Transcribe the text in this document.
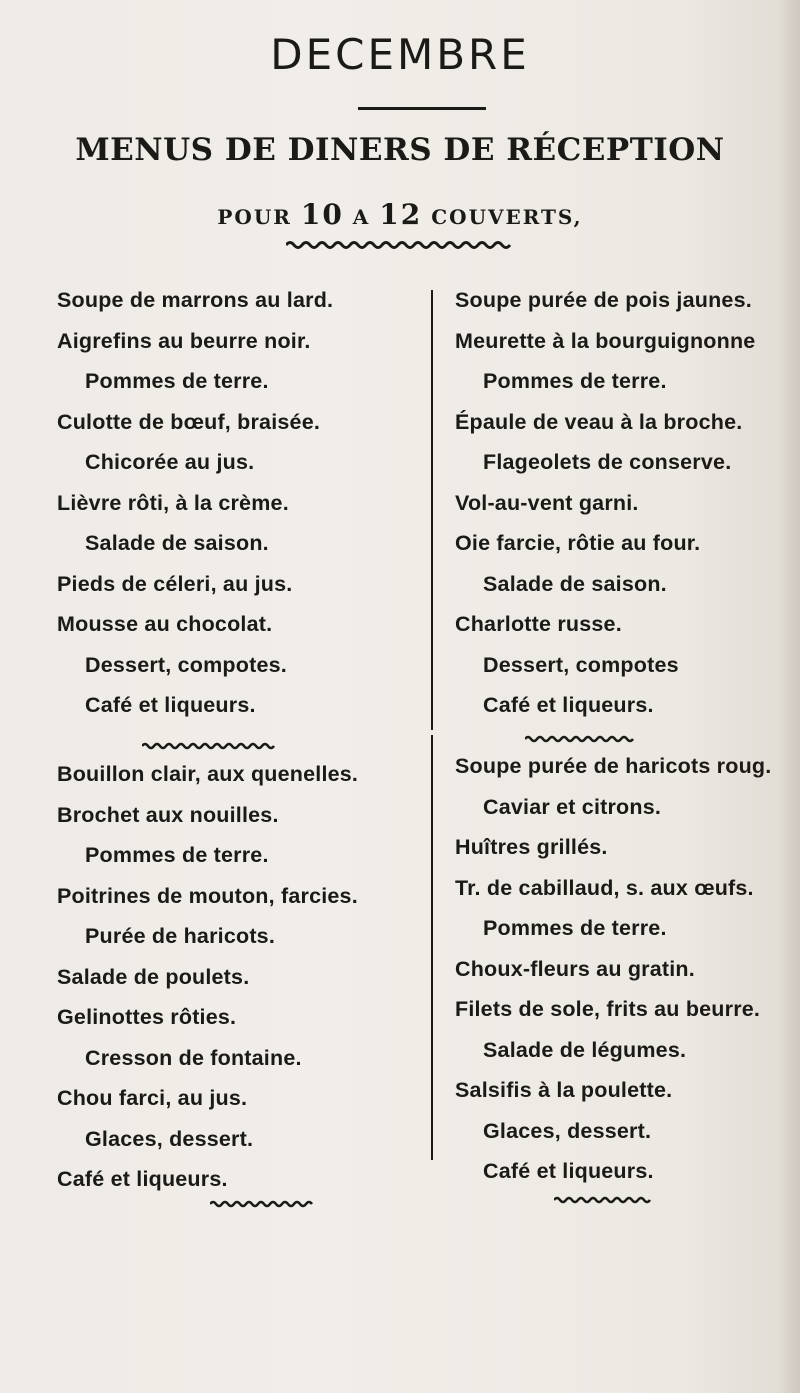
DECEMBRE
MENUS DE DINERS DE RÉCEPTION
POUR 10 A 12 COUVERTS,
Soupe de marrons au lard.
Aigrefins au beurre noir.
Pommes de terre.
Culotte de bœuf, braisée.
Chicorée au jus.
Lièvre rôti, à la crème.
Salade de saison.
Pieds de céleri, au jus.
Mousse au chocolat.
Dessert, compotes.
Café et liqueurs.
Bouillon clair, aux quenelles.
Brochet aux nouilles.
Pommes de terre.
Poitrines de mouton, farcies.
Purée de haricots.
Salade de poulets.
Gelinottes rôties.
Cresson de fontaine.
Chou farci, au jus.
Glaces, dessert.
Café et liqueurs.
Soupe purée de pois jaunes.
Meurette à la bourguignonne
Pommes de terre.
Épaule de veau à la broche.
Flageolets de conserve.
Vol-au-vent garni.
Oie farcie, rôtie au four.
Salade de saison.
Charlotte russe.
Dessert, compotes
Café et liqueurs.
Soupe purée de haricots roug.
Caviar et citrons.
Huîtres grillés.
Tr. de cabillaud, s. aux œufs.
Pommes de terre.
Choux-fleurs au gratin.
Filets de sole, frits au beurre.
Salade de légumes.
Salsifis à la poulette.
Glaces, dessert.
Café et liqueurs.
